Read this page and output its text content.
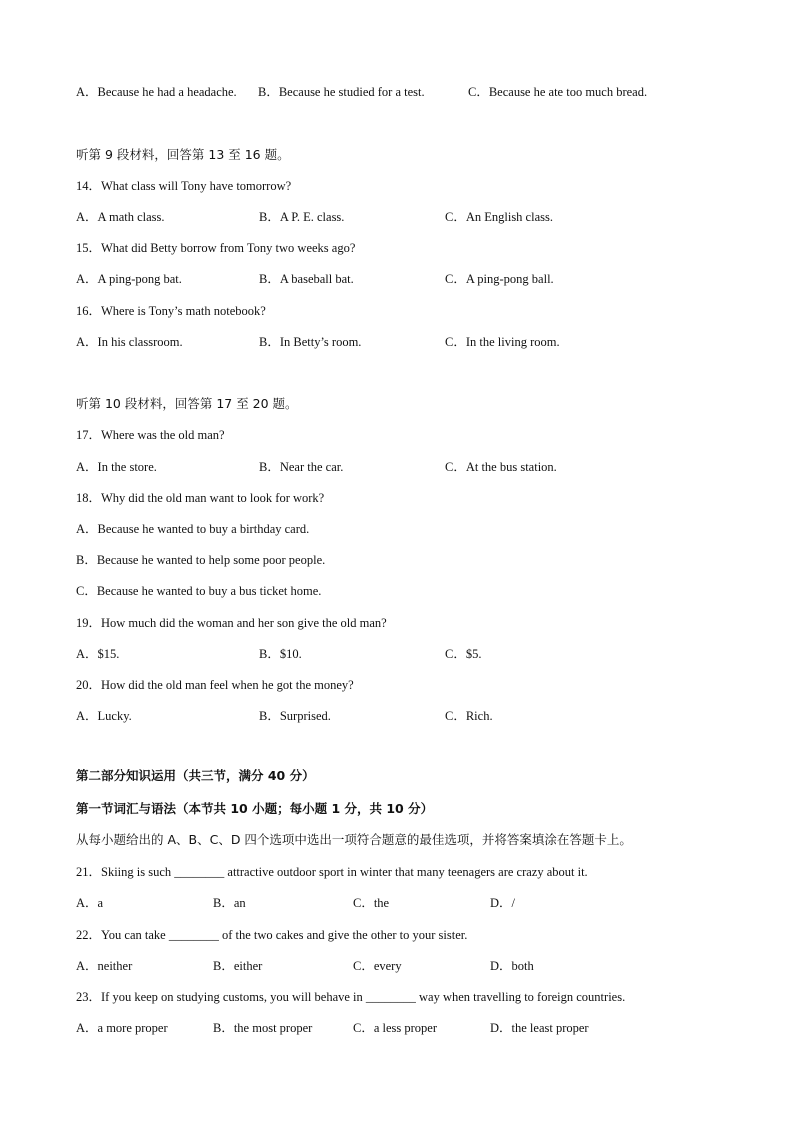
A．Because he had a headache. B．Because he studied for a test.	C．Because he ate too much bread.
听第 9 段材料，回答第 13 至 16 题。
14．What class will Tony have tomorrow?
A．A math class.	B．A P. E. class.	C．An English class.
15．What did Betty borrow from Tony two weeks ago?
A．A ping-pong bat.	B．A baseball bat.	C．A ping-pong ball.
16．Where is Tony’s math notebook?
A．In his classroom.	B．In Betty’s room.	C．In the living room.
听第 10 段材料，回答第 17 至 20 题。
17．Where was the old man?
A．In the store.	B．Near the car.	C．At the bus station.
18．Why did the old man want to look for work?
A．Because he wanted to buy a birthday card.
B．Because he wanted to help some poor people.
C．Because he wanted to buy a bus ticket home.
19．How much did the woman and her son give the old man?
A．$15.	B．$10.	C．$5.
20．How did the old man feel when he got the money?
A．Lucky.	B．Surprised.	C．Rich.
第二部分知识运用（共三节，满分 40 分）
第一节词汇与语法（本节共 10 小题；每小题 1 分，共 10 分）
从每小题给出的 A、B、C、D 四个选项中选出一项符合题意的最佳选项，并将答案填涂在答题卡上。
21．Skiing is such ________ attractive outdoor sport in winter that many teenagers are crazy about it.
A．a	B．an	C．the	D．/
22．You can take ________ of the two cakes and give the other to your sister.
A．neither	B．either	C．every	D．both
23．If you keep on studying customs, you will behave in ________ way when travelling to foreign countries.
A．a more proper	B．the most proper	C．a less proper	D．the least proper
